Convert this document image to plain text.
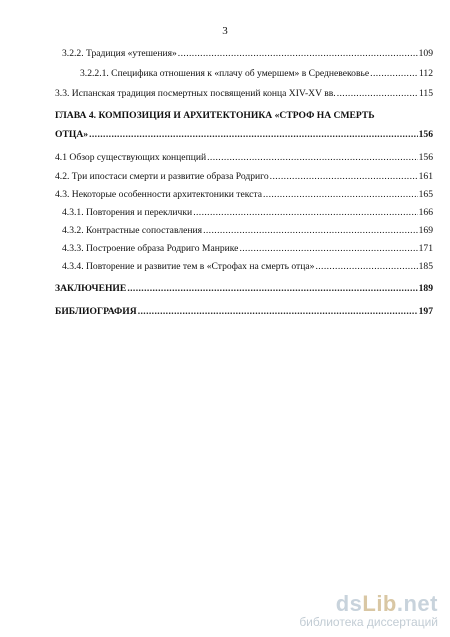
3
3.2.2. Традиция «утешения» .....	109
3.2.2.1. Специфика отношения к «плачу об умершем» в Средневековье .....	112
3.3. Испанская традиция посмертных посвящений конца XIV-XV вв. .....	115
ГЛАВА 4. КОМПОЗИЦИЯ И АРХИТЕКТОНИКА «СТРОФ НА СМЕРТЬ
ОТЦА» .....	156
4.1 Обзор существующих концепций .....	156
4.2. Три ипостаси смерти и развитие образа Родриго .....	161
4.3. Некоторые особенности архитектоники текста .....	165
4.3.1. Повторения и переклички .....	166
4.3.2. Контрастные сопоставления .....	169
4.3.3. Построение образа Родриго Манрике .....	171
4.3.4. Повторение и развитие тем в «Строфах на смерть отца» .....	185
ЗАКЛЮЧЕНИЕ .....	189
БИБЛИОГРАФИЯ .....	197
dsLib.net
библиотека диссертаций
